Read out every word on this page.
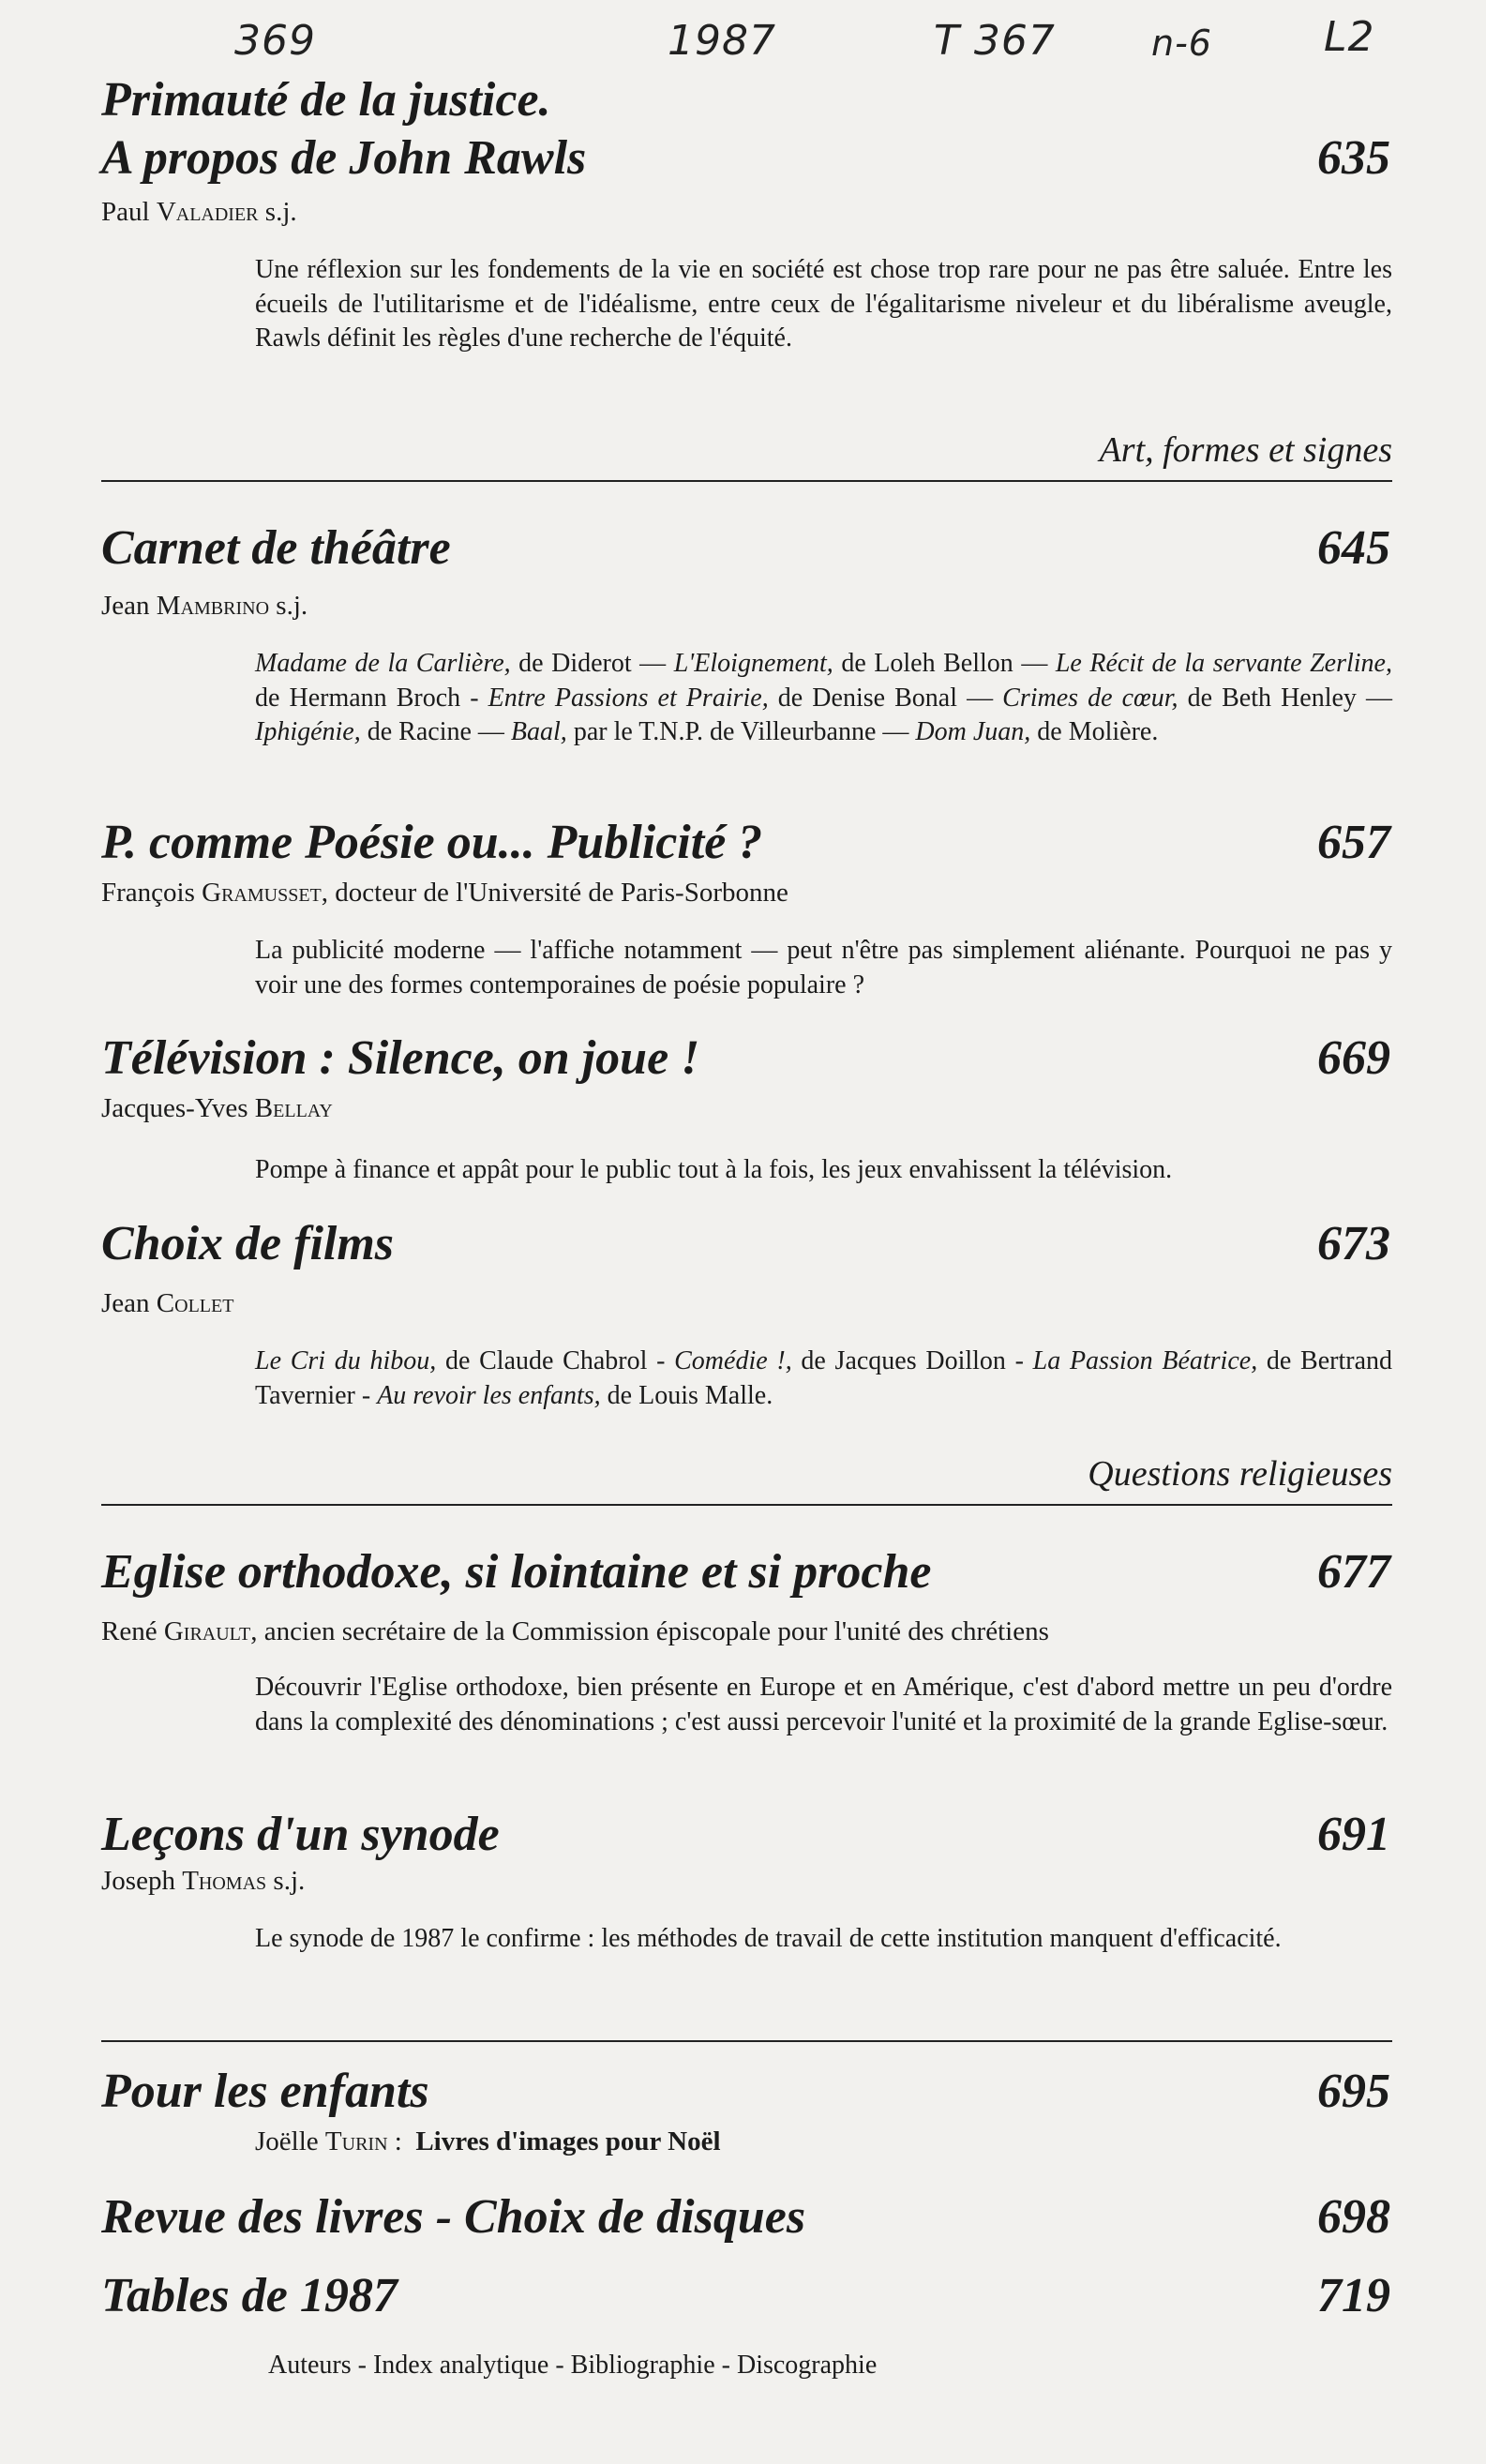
369	1987	T 367	n-6	L2
Primauté de la justice.
A propos de John Rawls	635
Paul Valadier s.j.
Une réflexion sur les fondements de la vie en société est chose trop rare pour ne pas être saluée. Entre les écueils de l'utilitarisme et de l'idéalisme, entre ceux de l'égalitarisme niveleur et du libéralisme aveugle, Rawls définit les règles d'une recherche de l'équité.
Art, formes et signes
Carnet de théâtre	645
Jean Mambrino s.j.
Madame de la Carlière, de Diderot — L'Eloignement, de Loleh Bellon — Le Récit de la servante Zerline, de Hermann Broch - Entre Passions et Prairie, de Denise Bonal — Crimes de cœur, de Beth Henley — Iphigénie, de Racine — Baal, par le T.N.P. de Villeurbanne — Dom Juan, de Molière.
P. comme Poésie ou... Publicité ?	657
François Gramusset, docteur de l'Université de Paris-Sorbonne
La publicité moderne — l'affiche notamment — peut n'être pas simplement aliénante. Pourquoi ne pas y voir une des formes contemporaines de poésie populaire ?
Télévision : Silence, on joue !	669
Jacques-Yves Bellay
Pompe à finance et appât pour le public tout à la fois, les jeux envahissent la télévision.
Choix de films	673
Jean Collet
Le Cri du hibou, de Claude Chabrol - Comédie !, de Jacques Doillon - La Passion Béatrice, de Bertrand Tavernier - Au revoir les enfants, de Louis Malle.
Questions religieuses
Eglise orthodoxe, si lointaine et si proche	677
René Girault, ancien secrétaire de la Commission épiscopale pour l'unité des chrétiens
Découvrir l'Eglise orthodoxe, bien présente en Europe et en Amérique, c'est d'abord mettre un peu d'ordre dans la complexité des dénominations ; c'est aussi percevoir l'unité et la proximité de la grande Eglise-sœur.
Leçons d'un synode	691
Joseph Thomas s.j.
Le synode de 1987 le confirme : les méthodes de travail de cette institution manquent d'efficacité.
Pour les enfants	695
Joëlle Turin : Livres d'images pour Noël
Revue des livres - Choix de disques	698
Tables de 1987	719
Auteurs - Index analytique - Bibliographie - Discographie
